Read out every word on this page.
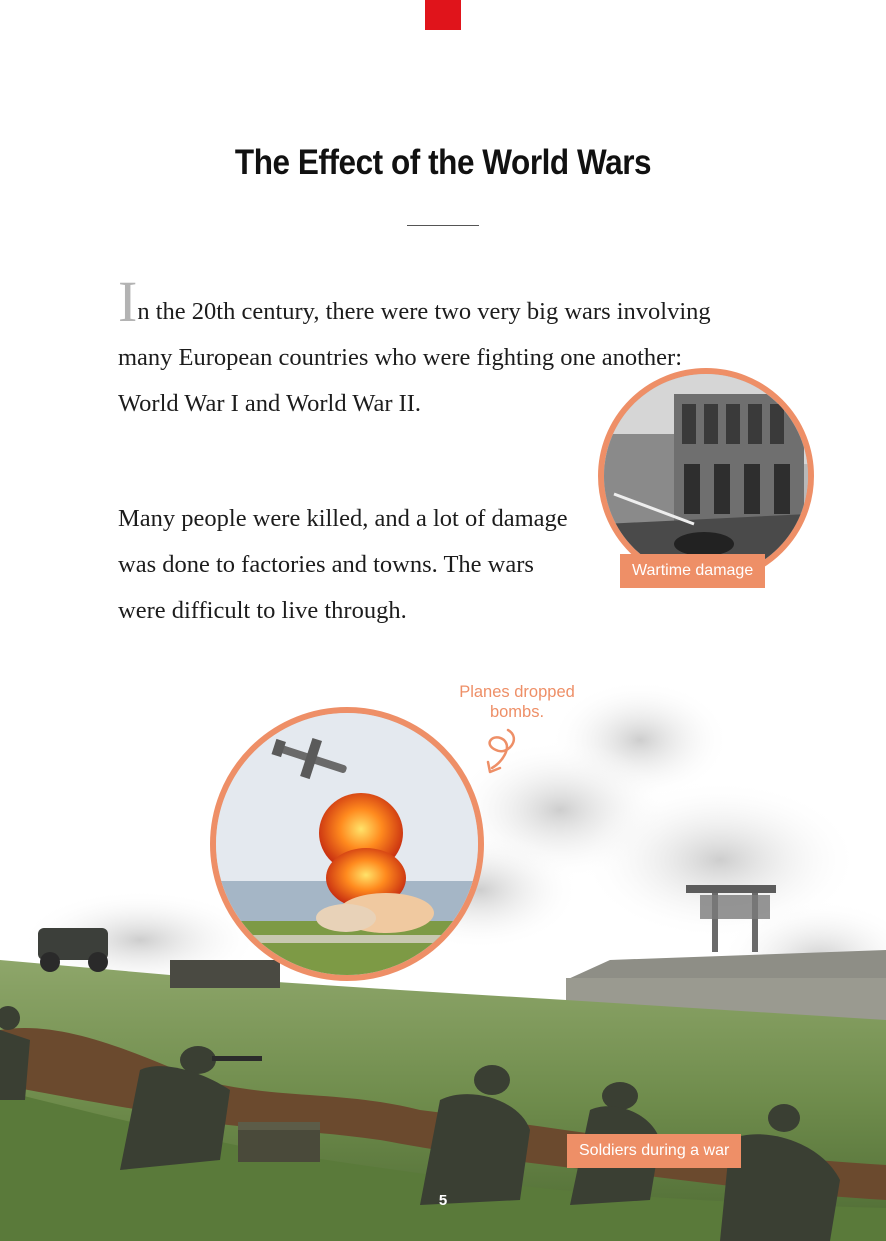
The Effect of the World Wars

In the 20th century, there were two very big wars involving many European countries who were fighting one another: World War I and World War II.

Many people were killed, and a lot of damage was done to factories and towns. The wars were difficult to live through.

Wartime damage
Planes dropped
bombs.
Soldiers during a war
5
